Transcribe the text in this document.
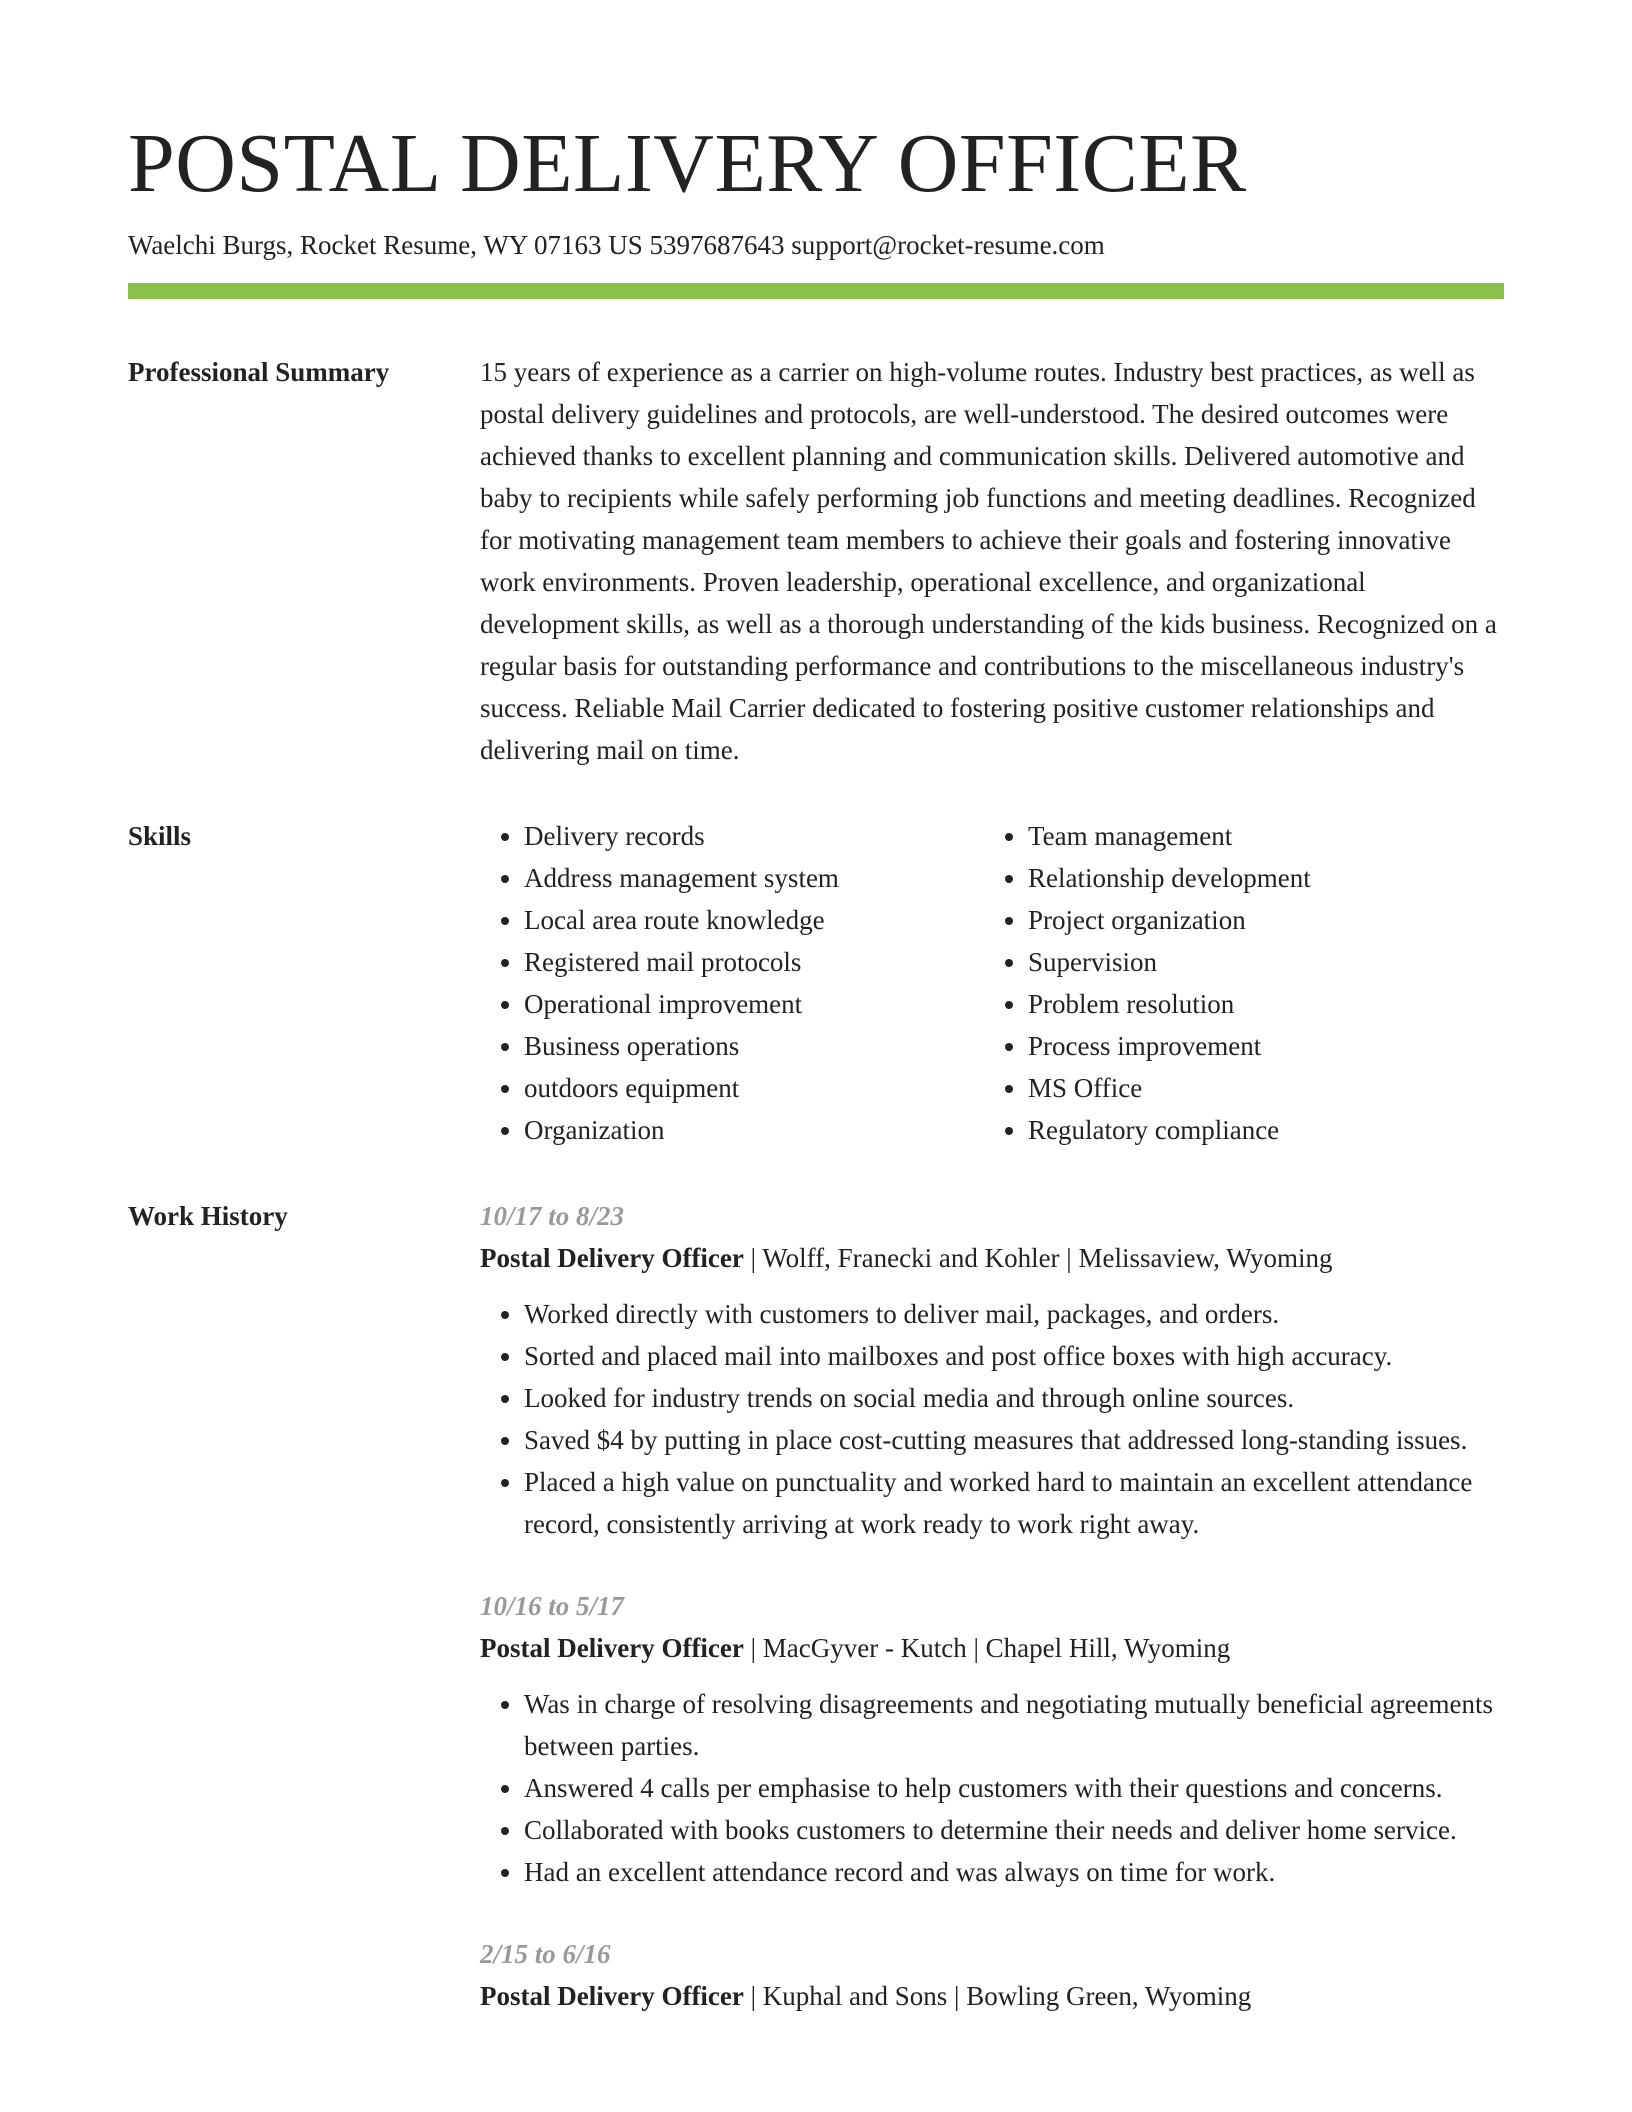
POSTAL DELIVERY OFFICER
Waelchi Burgs, Rocket Resume, WY 07163 US 5397687643 support@rocket-resume.com
Professional Summary	15 years of experience as a carrier on high-volume routes. Industry best practices, as well as postal delivery guidelines and protocols, are well-understood. The desired outcomes were achieved thanks to excellent planning and communication skills. Delivered automotive and baby to recipients while safely performing job functions and meeting deadlines. Recognized for motivating management team members to achieve their goals and fostering innovative work environments. Proven leadership, operational excellence, and organizational development skills, as well as a thorough understanding of the kids business. Recognized on a regular basis for outstanding performance and contributions to the miscellaneous industry's success. Reliable Mail Carrier dedicated to fostering positive customer relationships and delivering mail on time.

Skills
•	Delivery records
• Address management system
• Local area route knowledge
• Registered mail protocols
• Operational improvement
• Business operations
• outdoors equipment
• Organization
• Team management
• Relationship development
• Project organization
• Supervision
• Problem resolution
• Process improvement
• MS Office
• Regulatory compliance
Work History	10/17 to 8/23
Postal Delivery Officer | Wolff, Franecki and Kohler | Melissaview, Wyoming
• Worked directly with customers to deliver mail, packages, and orders.
• Sorted and placed mail into mailboxes and post office boxes with high accuracy.
• Looked for industry trends on social media and through online sources.
• Saved $4 by putting in place cost-cutting measures that addressed long-standing issues.
• Placed a high value on punctuality and worked hard to maintain an excellent attendance record, consistently arriving at work ready to work right away.
10/16 to 5/17
Postal Delivery Officer | MacGyver - Kutch | Chapel Hill, Wyoming
• Was in charge of resolving disagreements and negotiating mutually beneficial agreements between parties.
• Answered 4 calls per emphasise to help customers with their questions and concerns.
• Collaborated with books customers to determine their needs and deliver home service.
• Had an excellent attendance record and was always on time for work.
2/15 to 6/16
Postal Delivery Officer | Kuphal and Sons | Bowling Green, Wyoming
